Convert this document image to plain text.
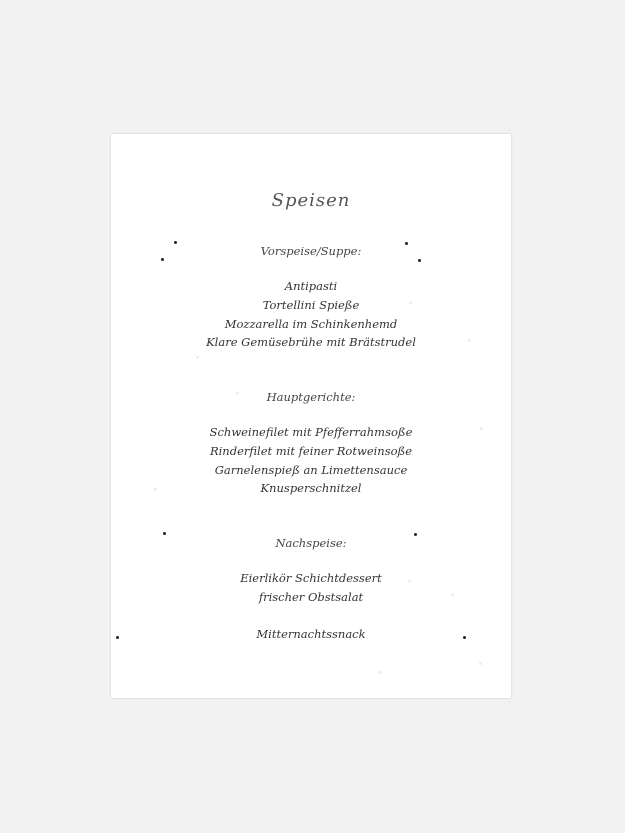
Speisen
Vorspeise/Suppe:
Antipasti
Tortellini Spieße
Mozzarella im Schinkenhemd
Klare Gemüsebrühe mit Brätstrudel
Hauptgerichte:
Schweinefilet mit Pfefferrahmsoße
Rinderfilet mit feiner Rotweinsoße
Garnelenspieß an Limettensauce
Knusperschnitzel
Nachspeise:
Eierlikör Schichtdessert
frischer Obstsalat
Mitternachtssnack
